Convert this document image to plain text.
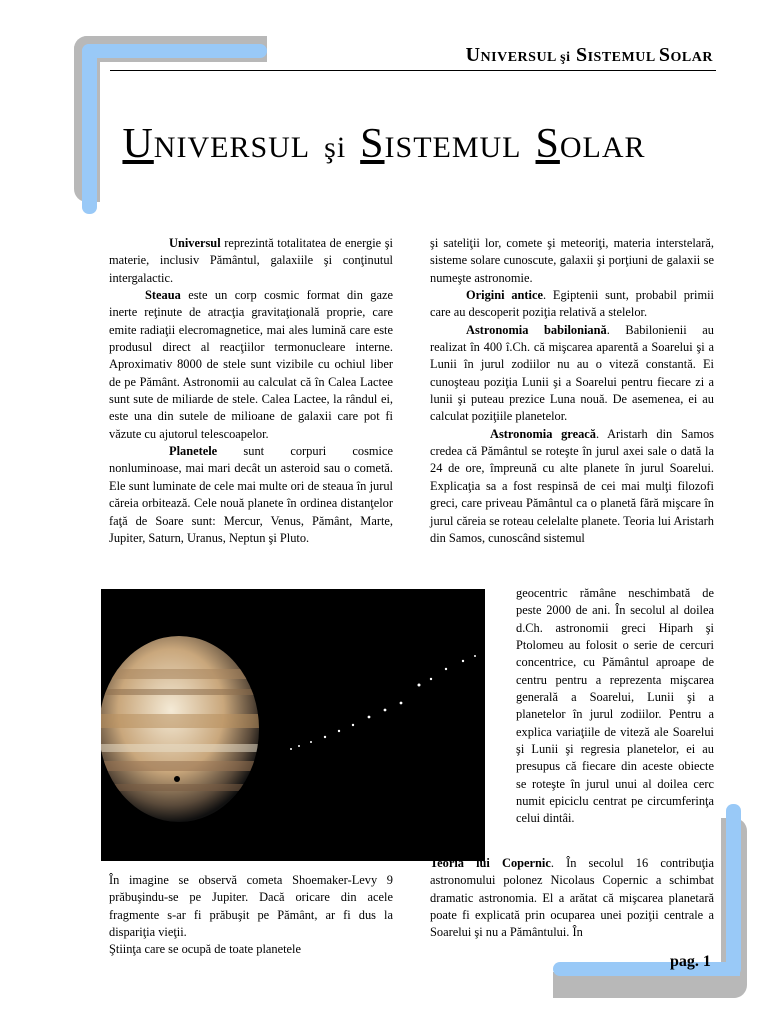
UNIVERSUL şi SISTEMUL SOLAR
UNIVERSUL şi SISTEMUL SOLAR

Universul reprezintă totalitatea de energie şi materie, inclusiv Pământul, galaxiile şi conţinutul intergalactic.

Steaua este un corp cosmic format din gaze inerte reţinute de atracţia gravitaţională proprie, care emite radiaţii elecromagnetice, mai ales lumină care este produsul direct al reacţiilor termonucleare interne. Aproximativ 8000 de stele sunt vizibile cu ochiul liber de pe Pământ. Astronomii au calculat că în Calea Lactee sunt sute de miliarde de stele. Calea Lactee, la rândul ei, este una din sutele de milioane de galaxii care pot fi văzute cu ajutorul telescoapelor.

Planetele sunt corpuri cosmice nonluminoase, mai mari decât un asteroid sau o cometă. Ele sunt luminate de cele mai multe ori de steaua în jurul căreia orbitează. Cele nouă planete în ordinea distanţelor faţă de Soare sunt: Mercur, Venus, Pământ, Marte, Jupiter, Saturn, Uranus, Neptun şi Pluto.

În imagine se observă cometa Shoemaker-Levy 9 prăbuşindu-se pe Jupiter. Dacă oricare din acele fragmente s-ar fi prăbuşit pe Pământ, ar fi dus la dispariţia vieţii.

Ştiinţa care se ocupă de toate planetele

şi sateliţii lor, comete şi meteoriţi, materia interstelară, sisteme solare cunoscute, galaxii şi porţiuni de galaxii se numeşte astronomie.

Origini antice. Egiptenii sunt, probabil primii care au descoperit poziţia relativă a stelelor.

Astronomia babiloniană. Babilonienii au realizat în 400 î.Ch. că mişcarea aparentă a Soarelui şi a Lunii în jurul zodiilor nu au o viteză constantă. Ei cunoşteau poziţia Lunii şi a Soarelui pentru fiecare zi a lunii şi puteau prezice Luna nouă. De asemenea, ei au calculat poziţiile planetelor.

Astronomia greacă. Aristarh din Samos credea că Pământul se roteşte în jurul axei sale o dată la 24 de ore, împreună cu alte planete în jurul Soarelui. Explicaţia sa a fost respinsă de cei mai mulţi filozofi greci, care priveau Pământul ca o planetă fără mişcare în jurul căreia se roteau celelalte planete. Teoria lui Aristarh din Samos, cunoscând sistemul

geocentric rămâne neschimbată de peste 2000 de ani. În secolul al doilea d.Ch. astronomii greci Hiparh şi Ptolomeu au folosit o serie de cercuri concentrice, cu Pământul aproape de centru pentru a reprezenta mişcarea generală a Soarelui, Lunii şi a planetelor în jurul zodiilor. Pentru a explica variaţiile de viteză ale Soarelui şi Lunii şi regresia planetelor, ei au presupus că fiecare din aceste obiecte se roteşte în jurul unui al doilea cerc numit epiciclu centrat pe circumferinţa celui dintâi.

Teoria lui Copernic. În secolul 16 contribuţia astronomului polonez Nicolaus Copernic a schimbat dramatic astronomia. El a arătat că mişcarea planetară poate fi explicată prin ocuparea unei poziţii centrale a Soarelui şi nu a Pământului. În

pag. 1
